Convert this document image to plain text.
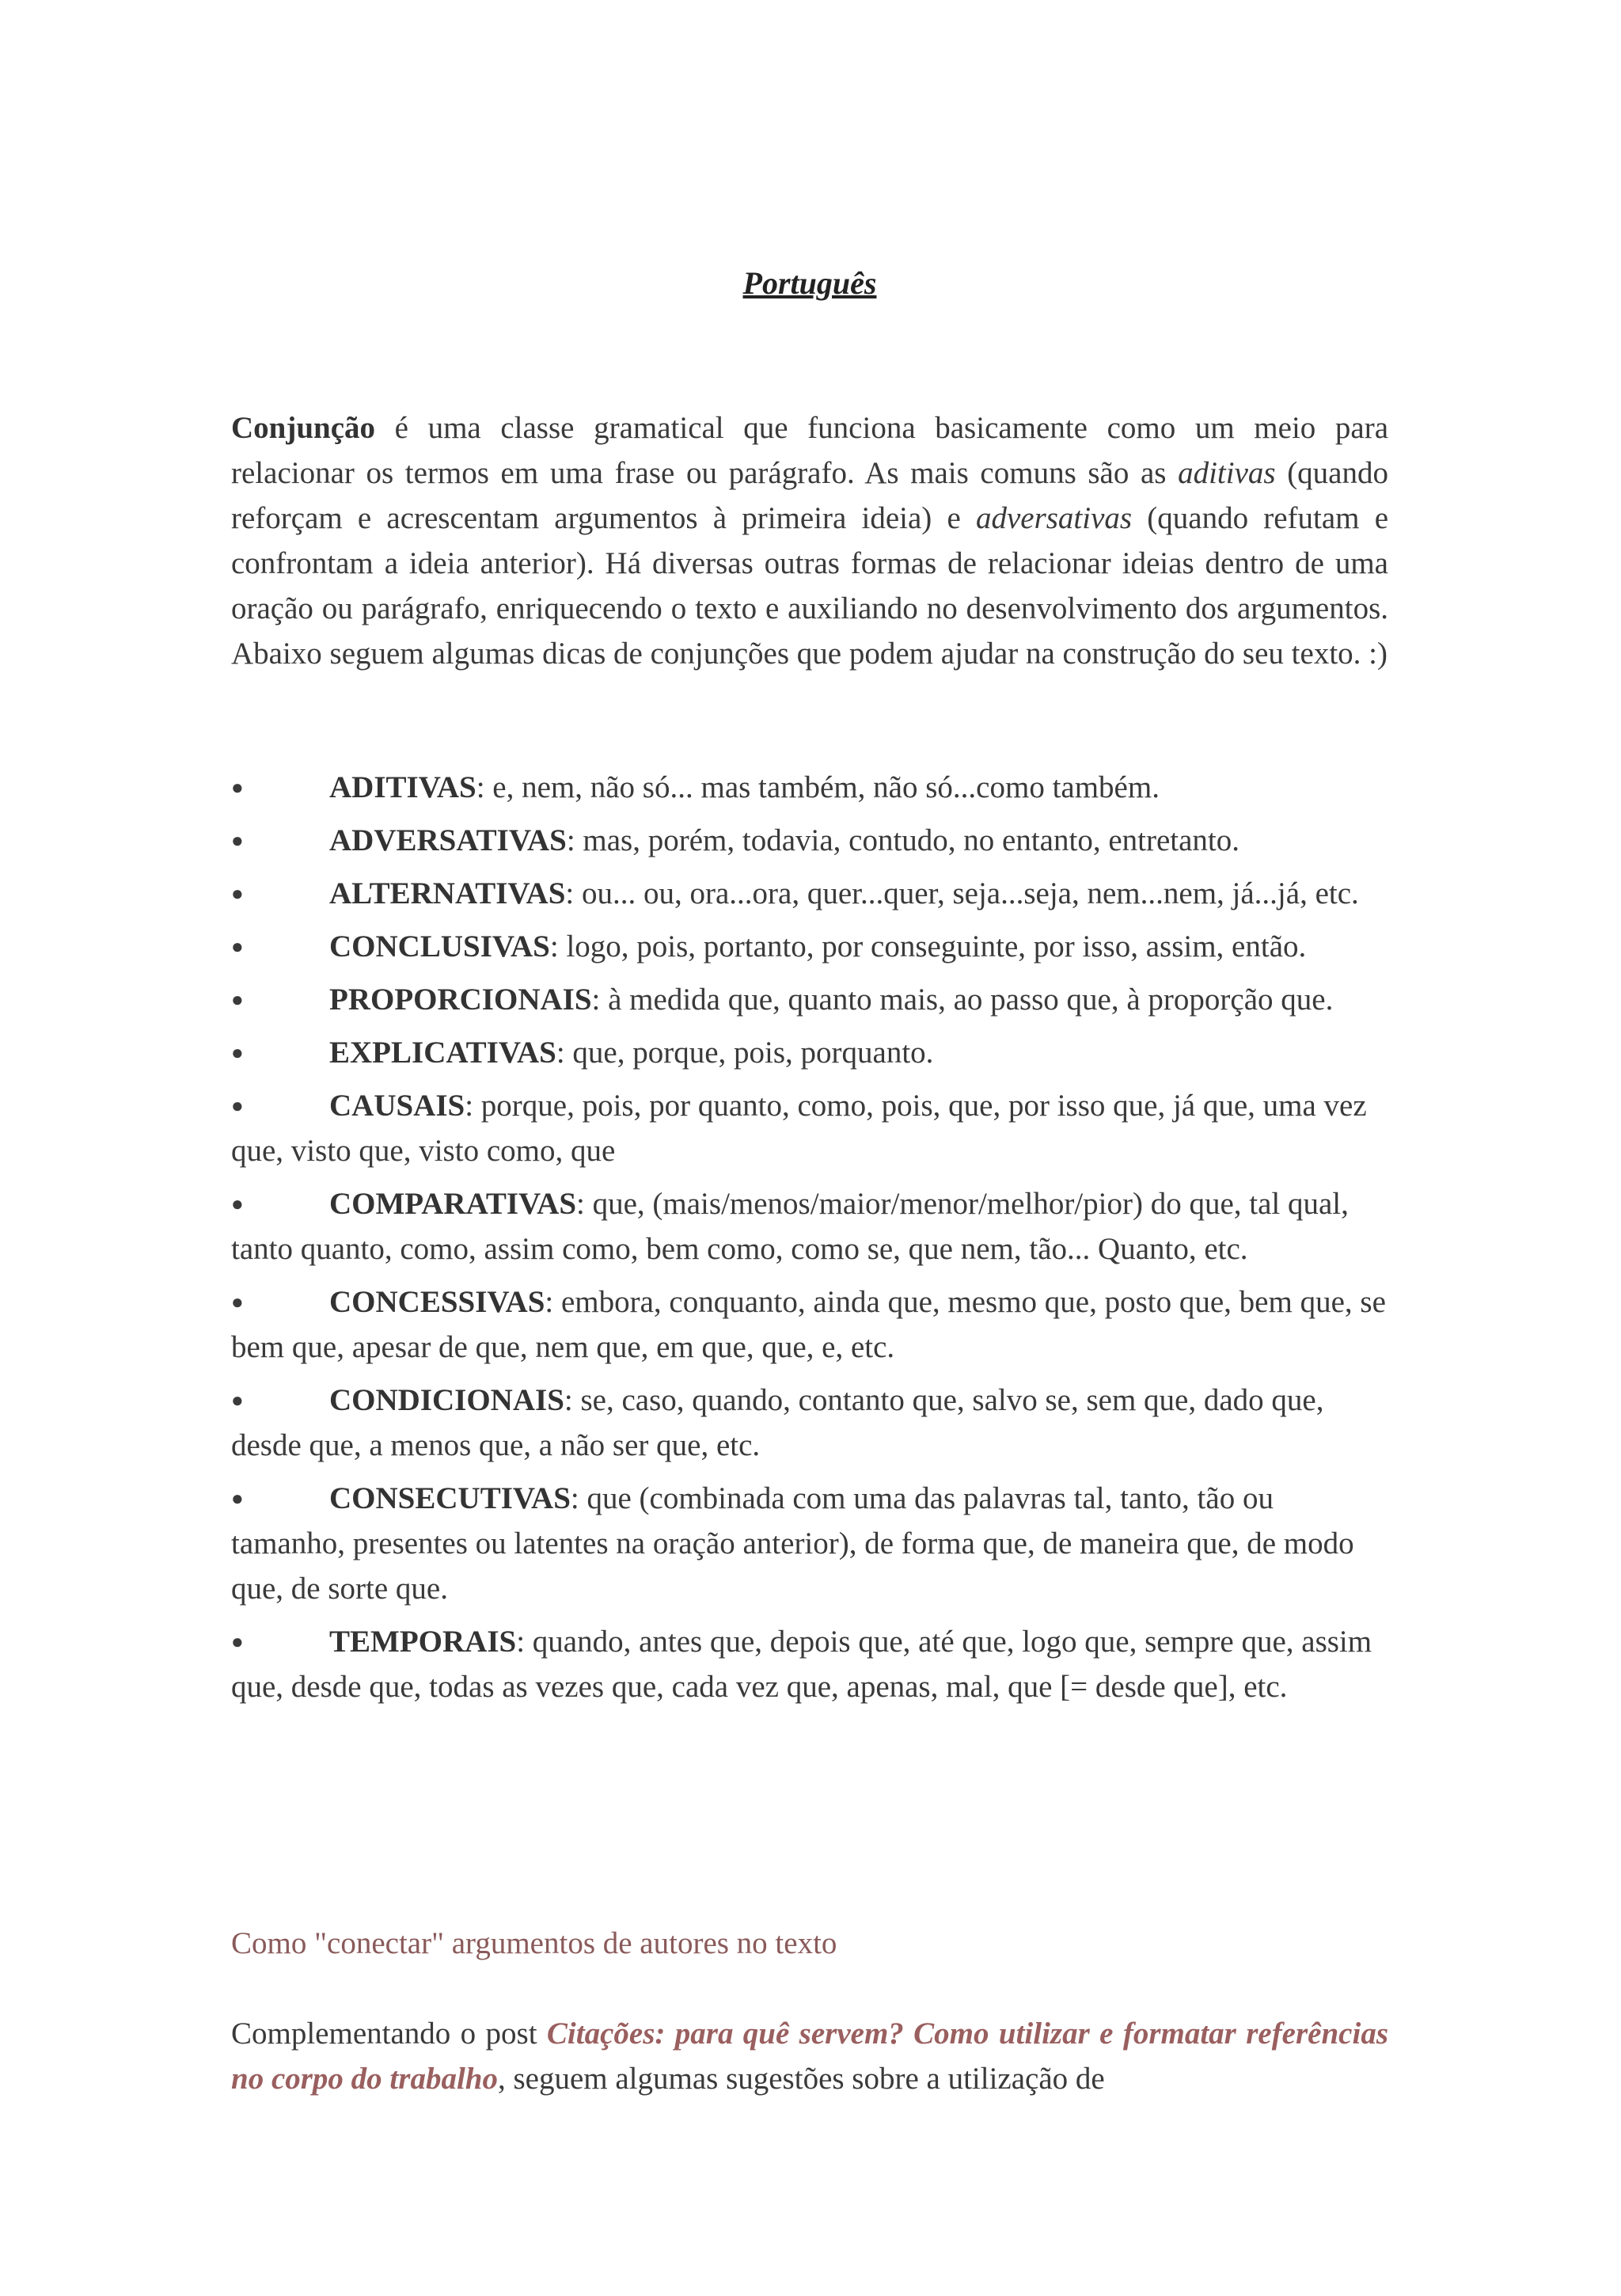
Português

Conjunção é uma classe gramatical que funciona basicamente como um meio para relacionar os termos em uma frase ou parágrafo. As mais comuns são as aditivas (quando reforçam e acrescentam argumentos à primeira ideia) e adversativas (quando refutam e confrontam a ideia anterior). Há diversas outras formas de relacionar ideias dentro de uma oração ou parágrafo, enriquecendo o texto e auxiliando no desenvolvimento dos argumentos. Abaixo seguem algumas dicas de conjunções que podem ajudar na construção do seu texto. :)

●	ADITIVAS: e, nem, não só... mas também, não só...como também.
●	ADVERSATIVAS: mas, porém, todavia, contudo, no entanto, entretanto.
●	ALTERNATIVAS: ou... ou, ora...ora, quer...quer, seja...seja, nem...nem, já...já, etc.
●	CONCLUSIVAS: logo, pois, portanto, por conseguinte, por isso, assim, então.
●	PROPORCIONAIS: à medida que, quanto mais, ao passo que, à proporção que.
●	EXPLICATIVAS: que, porque, pois, porquanto.
●	CAUSAIS: porque, pois, por quanto, como, pois, que, por isso que, já que, uma vez que, visto que, visto como, que
●	COMPARATIVAS: que, (mais/menos/maior/menor/melhor/pior) do que, tal qual, tanto quanto, como, assim como, bem como, como se, que nem, tão... Quanto, etc.
●	CONCESSIVAS: embora, conquanto, ainda que, mesmo que, posto que, bem que, se bem que, apesar de que, nem que, em que, que, e, etc.
●	CONDICIONAIS: se, caso, quando, contanto que, salvo se, sem que, dado que, desde que, a menos que, a não ser que, etc.
●	CONSECUTIVAS: que (combinada com uma das palavras tal, tanto, tão ou tamanho, presentes ou latentes na oração anterior), de forma que, de maneira que, de modo que, de sorte que.
●	TEMPORAIS: quando, antes que, depois que, até que, logo que, sempre que, assim que, desde que, todas as vezes que, cada vez que, apenas, mal, que [= desde que], etc.
Como "conectar" argumentos de autores no texto

Complementando o post Citações: para quê servem? Como utilizar e formatar referências no corpo do trabalho, seguem algumas sugestões sobre a utilização de
